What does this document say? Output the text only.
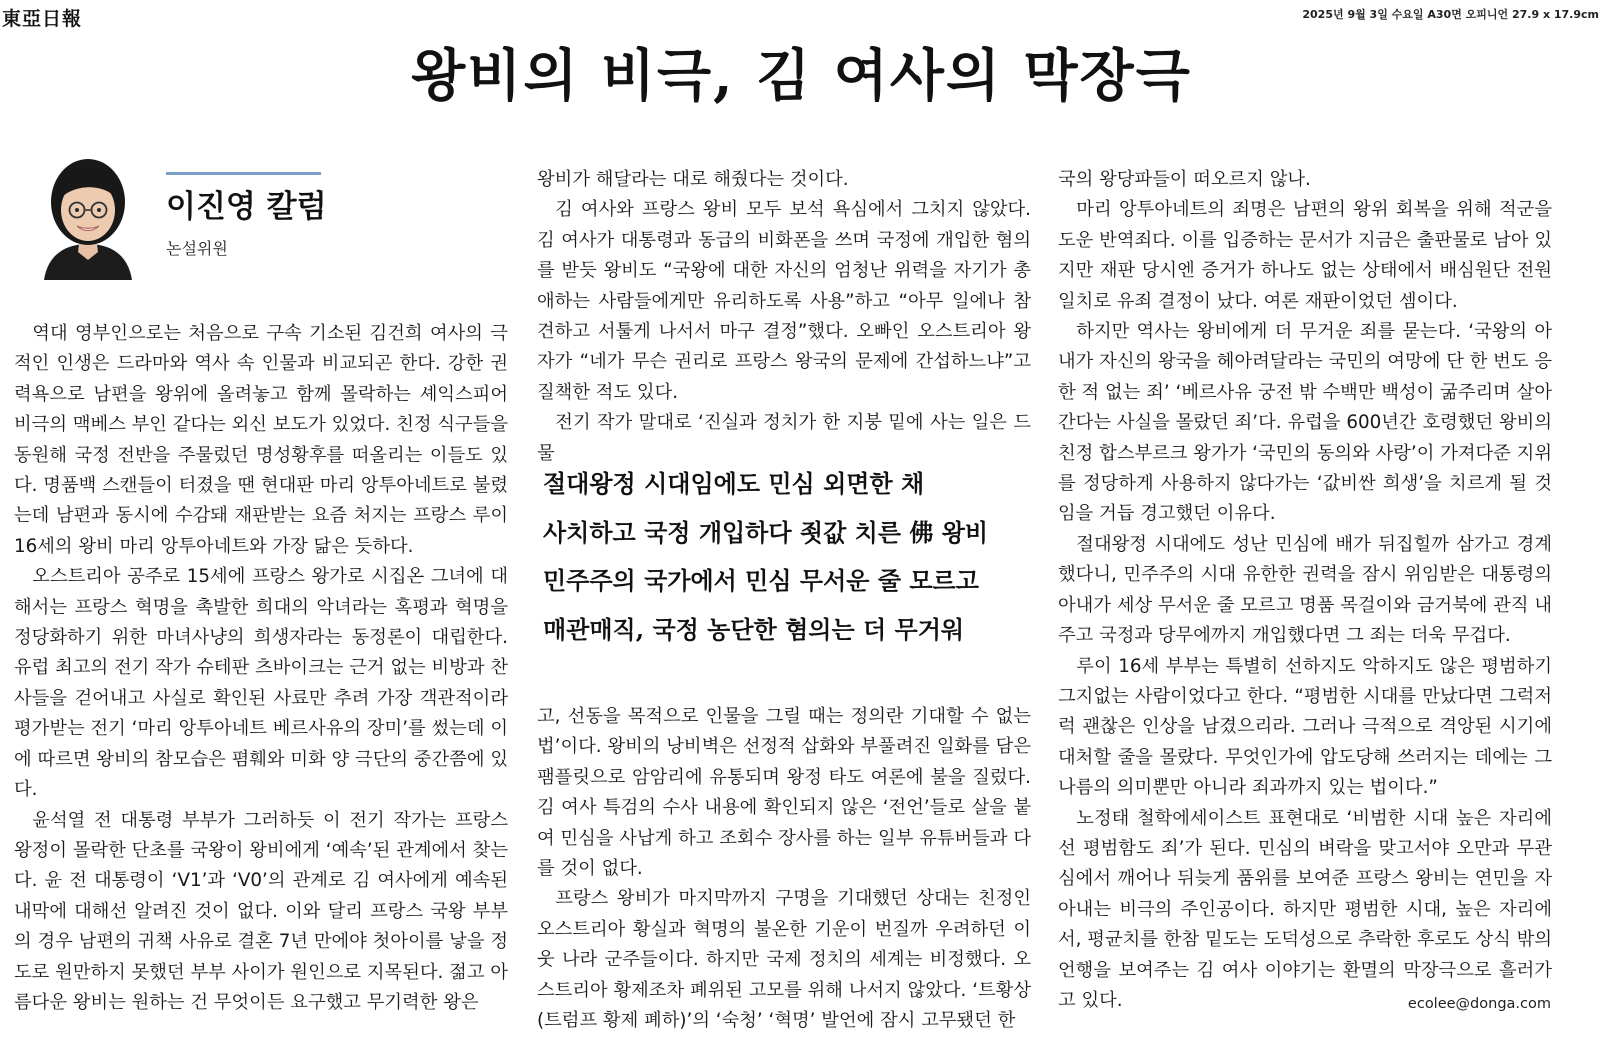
東亞日報	2025년 9월 3일 수요일 A30면 오피니언 27.9 x 17.9cm
왕비의 비극, 김 여사의 막장극
이진영 칼럼
논설위원

역대 영부인으로는 처음으로 구속 기소된 김건희 여사의 극적인 인생은 드라마와 역사 속 인물과 비교되곤 한다. 강한 권력욕으로 남편을 왕위에 올려놓고 함께 몰락하는 셰익스피어 비극의 맥베스 부인 같다는 외신 보도가 있었다. 친정 식구들을 동원해 국정 전반을 주물렀던 명성황후를 떠올리는 이들도 있다. 명품백 스캔들이 터졌을 땐 현대판 마리 앙투아네트로 불렸는데 남편과 동시에 수감돼 재판받는 요즘 처지는 프랑스 루이 16세의 왕비 마리 앙투아네트와 가장 닮은 듯하다.

오스트리아 공주로 15세에 프랑스 왕가로 시집온 그녀에 대해서는 프랑스 혁명을 촉발한 희대의 악녀라는 혹평과 혁명을 정당화하기 위한 마녀사냥의 희생자라는 동정론이 대립한다. 유럽 최고의 전기 작가 슈테판 츠바이크는 근거 없는 비방과 찬사들을 걷어내고 사실로 확인된 사료만 추려 가장 객관적이라 평가받는 전기 ‘마리 앙투아네트 베르사유의 장미’를 썼는데 이에 따르면 왕비의 참모습은 폄훼와 미화 양 극단의 중간쯤에 있다.

윤석열 전 대통령 부부가 그러하듯 이 전기 작가는 프랑스 왕정이 몰락한 단초를 국왕이 왕비에게 ‘예속’된 관계에서 찾는다. 윤 전 대통령이 ‘V1’과 ‘V0’의 관계로 김 여사에게 예속된 내막에 대해선 알려진 것이 없다. 이와 달리 프랑스 국왕 부부의 경우 남편의 귀책 사유로 결혼 7년 만에야 첫아이를 낳을 정도로 원만하지 못했던 부부 사이가 원인으로 지목된다. 젊고 아름다운 왕비는 원하는 건 무엇이든 요구했고 무기력한 왕은

왕비가 해달라는 대로 해줬다는 것이다.

김 여사와 프랑스 왕비 모두 보석 욕심에서 그치지 않았다. 김 여사가 대통령과 동급의 비화폰을 쓰며 국정에 개입한 혐의를 받듯 왕비도 “국왕에 대한 자신의 엄청난 위력을 자기가 총애하는 사람들에게만 유리하도록 사용”하고 “아무 일에나 참견하고 서툴게 나서서 마구 결정”했다. 오빠인 오스트리아 왕자가 “네가 무슨 권리로 프랑스 왕국의 문제에 간섭하느냐”고 질책한 적도 있다.

전기 작가 말대로 ‘진실과 정치가 한 지붕 밑에 사는 일은 드물

절대왕정 시대임에도 민심 외면한 채
사치하고 국정 개입하다 죗값 치른 佛 왕비
민주주의 국가에서 민심 무서운 줄 모르고
매관매직, 국정 농단한 혐의는 더 무거워

고, 선동을 목적으로 인물을 그릴 때는 정의란 기대할 수 없는 법’이다. 왕비의 낭비벽은 선정적 삽화와 부풀려진 일화를 담은 팸플릿으로 암암리에 유통되며 왕정 타도 여론에 불을 질렀다. 김 여사 특검의 수사 내용에 확인되지 않은 ‘전언’들로 살을 붙여 민심을 사납게 하고 조회수 장사를 하는 일부 유튜버들과 다를 것이 없다.

프랑스 왕비가 마지막까지 구명을 기대했던 상대는 친정인 오스트리아 황실과 혁명의 불온한 기운이 번질까 우려하던 이웃 나라 군주들이다. 하지만 국제 정치의 세계는 비정했다. 오스트리아 황제조차 폐위된 고모를 위해 나서지 않았다. ‘트황상(트럼프 황제 폐하)’의 ‘숙청’ ‘혁명’ 발언에 잠시 고무됐던 한

국의 왕당파들이 떠오르지 않나.

마리 앙투아네트의 죄명은 남편의 왕위 회복을 위해 적군을 도운 반역죄다. 이를 입증하는 문서가 지금은 출판물로 남아 있지만 재판 당시엔 증거가 하나도 없는 상태에서 배심원단 전원 일치로 유죄 결정이 났다. 여론 재판이었던 셈이다.

하지만 역사는 왕비에게 더 무거운 죄를 묻는다. ‘국왕의 아내가 자신의 왕국을 헤아려달라는 국민의 여망에 단 한 번도 응한 적 없는 죄’ ‘베르사유 궁전 밖 수백만 백성이 굶주리며 살아간다는 사실을 몰랐던 죄’다. 유럽을 600년간 호령했던 왕비의 친정 합스부르크 왕가가 ‘국민의 동의와 사랑’이 가져다준 지위를 정당하게 사용하지 않다가는 ‘값비싼 희생’을 치르게 될 것임을 거듭 경고했던 이유다.

절대왕정 시대에도 성난 민심에 배가 뒤집힐까 삼가고 경계했다니, 민주주의 시대 유한한 권력을 잠시 위임받은 대통령의 아내가 세상 무서운 줄 모르고 명품 목걸이와 금거북에 관직 내주고 국정과 당무에까지 개입했다면 그 죄는 더욱 무겁다.

루이 16세 부부는 특별히 선하지도 악하지도 않은 평범하기 그지없는 사람이었다고 한다. “평범한 시대를 만났다면 그럭저럭 괜찮은 인상을 남겼으리라. 그러나 극적으로 격앙된 시기에 대처할 줄을 몰랐다. 무엇인가에 압도당해 쓰러지는 데에는 그 나름의 의미뿐만 아니라 죄과까지 있는 법이다.”

노정태 철학에세이스트 표현대로 ‘비범한 시대 높은 자리에 선 평범함도 죄’가 된다. 민심의 벼락을 맞고서야 오만과 무관심에서 깨어나 뒤늦게 품위를 보여준 프랑스 왕비는 연민을 자아내는 비극의 주인공이다. 하지만 평범한 시대, 높은 자리에서, 평균치를 한참 밑도는 도덕성으로 추락한 후로도 상식 밖의 언행을 보여주는 김 여사 이야기는 환멸의 막장극으로 흘러가고 있다.	ecolee@donga.com
